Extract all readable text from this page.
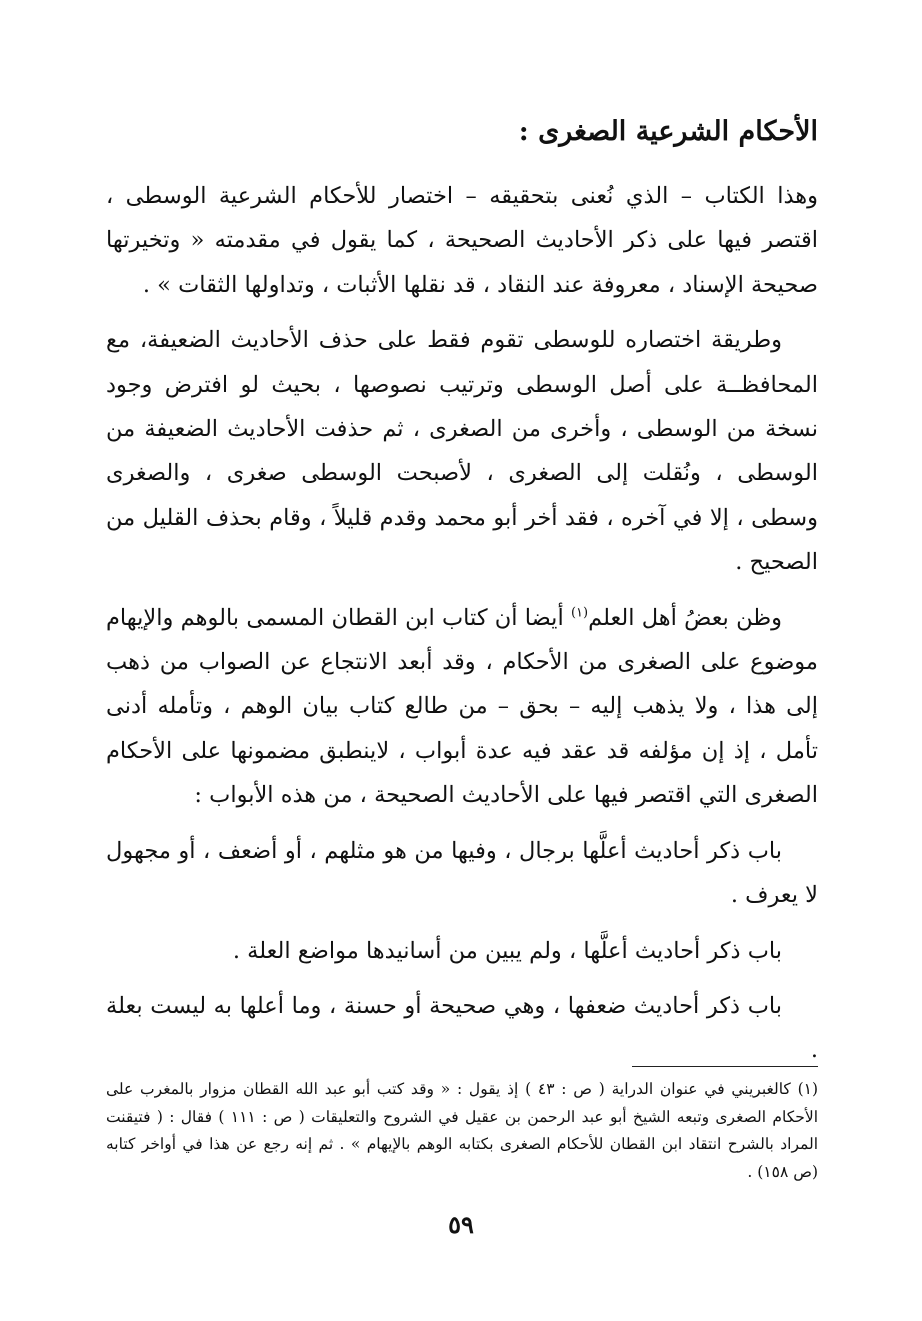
الأحكام الشرعية الصغرى :

وهذا الكتاب – الذي نُعنى بتحقيقه – اختصار للأحكام الشرعية الوسطى ، اقتصر فيها على ذكر الأحاديث الصحيحة ، كما يقول في مقدمته « وتخيرتها صحيحة الإسناد ، معروفة عند النقاد ، قد نقلها الأثبات ، وتداولها الثقات » .

وطريقة اختصاره للوسطى تقوم فقط على حذف الأحاديث الضعيفة، مع المحافظــة على أصل الوسطى وترتيب نصوصها ، بحيث لو افترض وجود نسخة من الوسطى ، وأخرى من الصغرى ، ثم حذفت الأحاديث الضعيفة من الوسطى ، ونُقلت إلى الصغرى ، لأصبحت الوسطى صغرى ، والصغرى وسطى ، إلا في آخره ، فقد أخر أبو محمد وقدم قليلاً ، وقام بحذف القليل من الصحيح .

وظن بعضُ أهل العلم$^{(١)}$ أيضا أن كتاب ابن القطان المسمى بالوهم والإيهام موضوع على الصغرى من الأحكام ، وقد أبعد الانتجاع عن الصواب من ذهب إلى هذا ، ولا يذهب إليه – بحق – من طالع كتاب بيان الوهم ، وتأمله أدنى تأمل ، إذ إن مؤلفه قد عقد فيه عدة أبواب ، لاينطبق مضمونها على الأحكام الصغرى التي اقتصر فيها على الأحاديث الصحيحة ، من هذه الأبواب :

باب ذكر أحاديث أعلَّها برجال ، وفيها من هو مثلهم ، أو أضعف ، أو مجهول لا يعرف .

باب ذكر أحاديث أعلَّها ، ولم يبين من أسانيدها مواضع العلة .

باب ذكر أحاديث ضعفها ، وهي صحيحة أو حسنة ، وما أعلها به ليست بعلة .

(١) كالغبريني في عنوان الدراية ( ص : ٤٣ ) إذ يقول : « وقد كتب أبو عبد الله القطان مزوار بالمغرب على الأحكام الصغرى وتبعه الشيخ أبو عبد الرحمن بن عقيل في الشروح والتعليقات ( ص : ١١١ ) فقال : ( فتيقنت المراد بالشرح انتقاد ابن القطان للأحكام الصغرى بكتابه الوهم بالإيهام » . ثم إنه رجع عن هذا في أواخر كتابه (ص ١٥٨) .
٥٩
